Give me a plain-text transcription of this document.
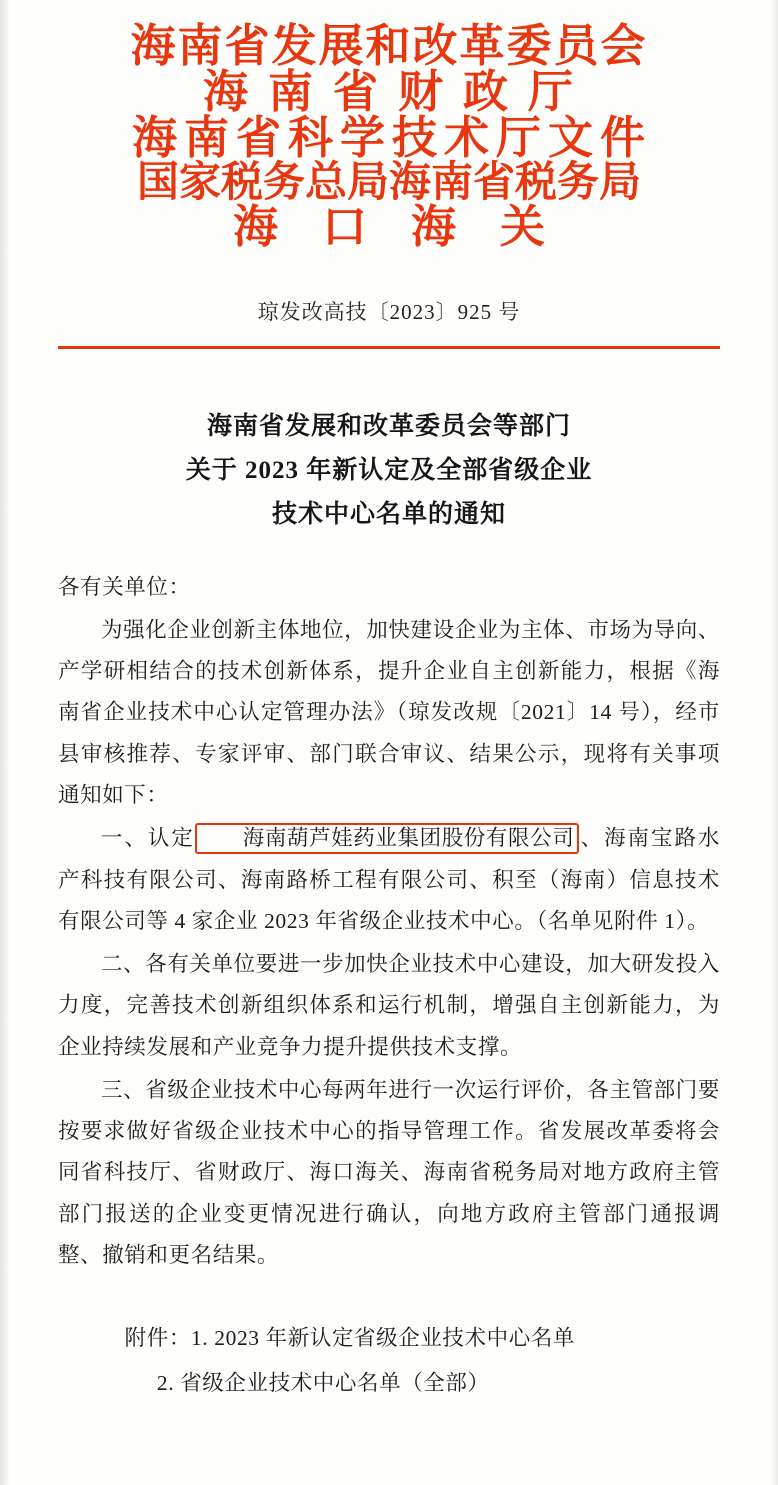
海南省发展和改革委员会
海南省财政厅
海南省科学技术厅文件
国家税务总局海南省税务局
海口海关
琼发改高技〔2023〕925 号
海南省发展和改革委员会等部门
关于 2023 年新认定及全部省级企业
技术中心名单的通知

各有关单位：

为强化企业创新主体地位，加快建设企业为主体、市场为导向、产学研相结合的技术创新体系，提升企业自主创新能力，根据《海南省企业技术中心认定管理办法》（琼发改规〔2021〕14 号），经市县审核推荐、专家评审、部门联合审议、结果公示，现将有关事项通知如下：

一、认定 海南葫芦娃药业集团股份有限公司 、海南宝路水产科技有限公司、海南路桥工程有限公司、积至（海南）信息技术有限公司等 4 家企业 2023 年省级企业技术中心。（名单见附件 1）。

二、各有关单位要进一步加快企业技术中心建设，加大研发投入力度，完善技术创新组织体系和运行机制，增强自主创新能力，为企业持续发展和产业竞争力提升提供技术支撑。

三、省级企业技术中心每两年进行一次运行评价，各主管部门要按要求做好省级企业技术中心的指导管理工作。省发展改革委将会同省科技厅、省财政厅、海口海关、海南省税务局对地方政府主管部门报送的企业变更情况进行确认，向地方政府主管部门通报调整、撤销和更名结果。

附件：1. 2023 年新认定省级企业技术中心名单
2. 省级企业技术中心名单（全部）
